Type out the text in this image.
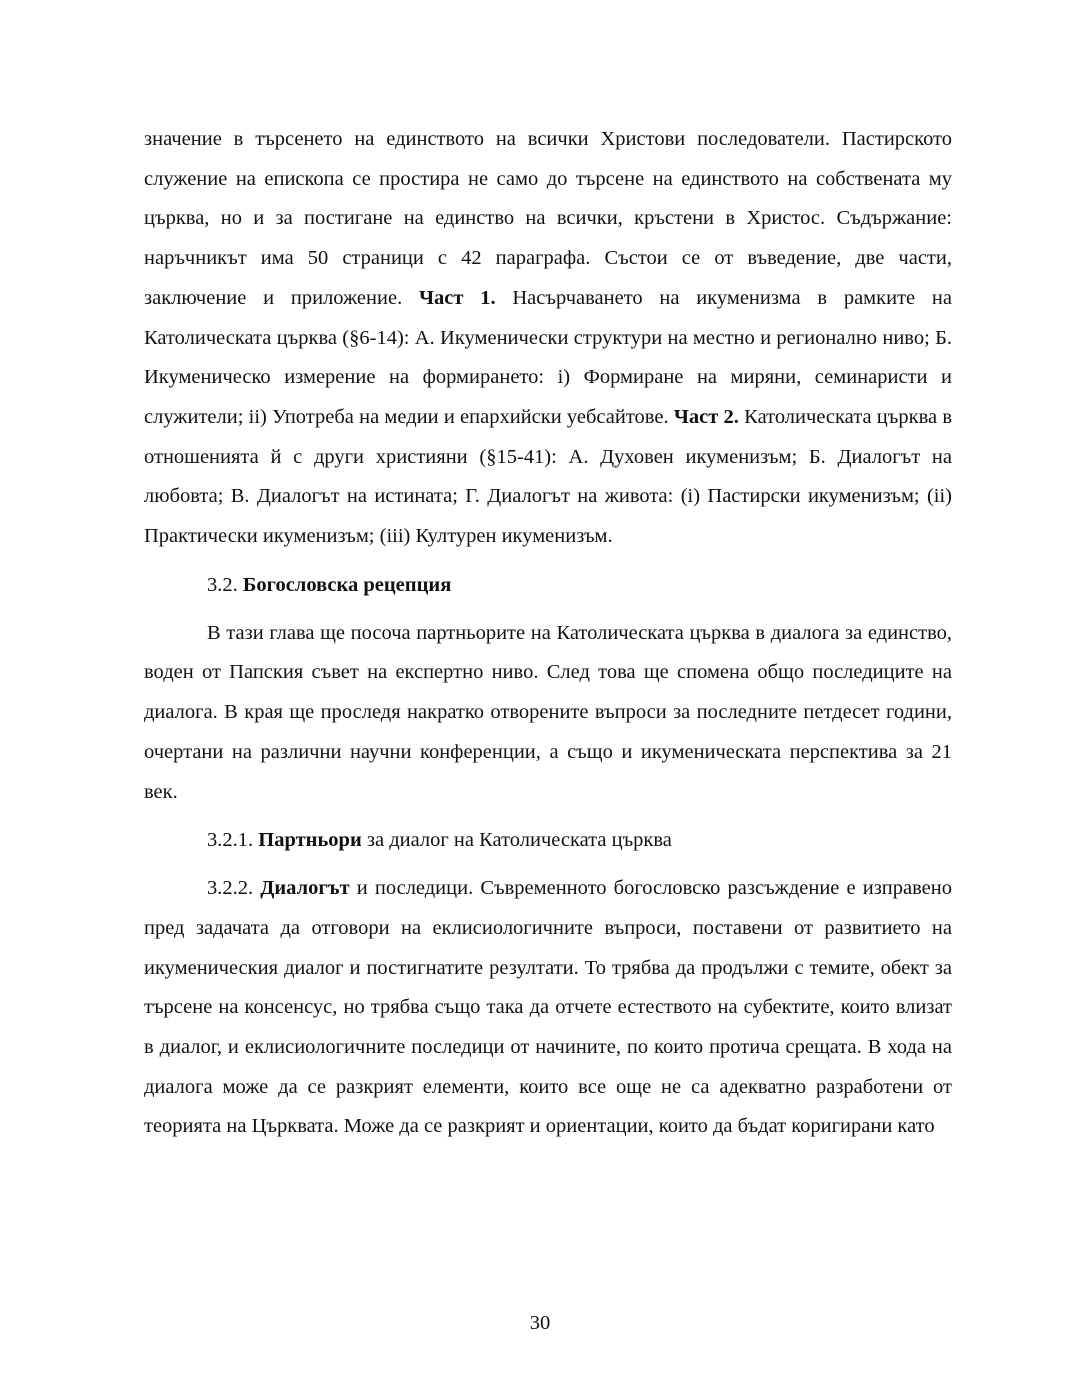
значение в търсенето на единството на всички Христови последователи. Пастирското служение на епископа се простира не само до търсене на единството на собствената му църква, но и за постигане на единство на всички, кръстени в Христос. Съдържание: наръчникът има 50 страници с 42 параграфа. Състои се от въведение, две части, заключение и приложение. Част 1. Насърчаването на икуменизма в рамките на Католическата църква (§6-14): А. Икуменически структури на местно и регионално ниво; Б. Икуменическо измерение на формирането: i) Формиране на миряни, семинаристи и служители; ii) Употреба на медии и епархийски уебсайтове. Част 2. Католическата църква в отношенията й с други християни (§15-41): А. Духовен икуменизъм; Б. Диалогът на любовта; В. Диалогът на истината; Г. Диалогът на живота: (i) Пастирски икуменизъм; (ii) Практически икуменизъм; (iii) Културен икуменизъм.

3.2. Богословска рецепция

В тази глава ще посоча партньорите на Католическата църква в диалога за единство, воден от Папския съвет на експертно ниво. След това ще спомена общо последиците на диалога. В края ще проследя накратко отворените въпроси за последните петдесет години, очертани на различни научни конференции, а също и икуменическата перспектива за 21 век.

3.2.1. Партньори за диалог на Католическата църква

3.2.2. Диалогът и последици. Съвременното богословско разсъждение е изправено пред задачата да отговори на еклисиологичните въпроси, поставени от развитието на икуменическия диалог и постигнатите резултати. То трябва да продължи с темите, обект за търсене на консенсус, но трябва също така да отчете естеството на субектите, които влизат в диалог, и еклисиологичните последици от начините, по които протича срещата. В хода на диалога може да се разкрият елементи, които все още не са адекватно разработени от теорията на Църквата. Може да се разкрият и ориентации, които да бъдат коригирани като

30
